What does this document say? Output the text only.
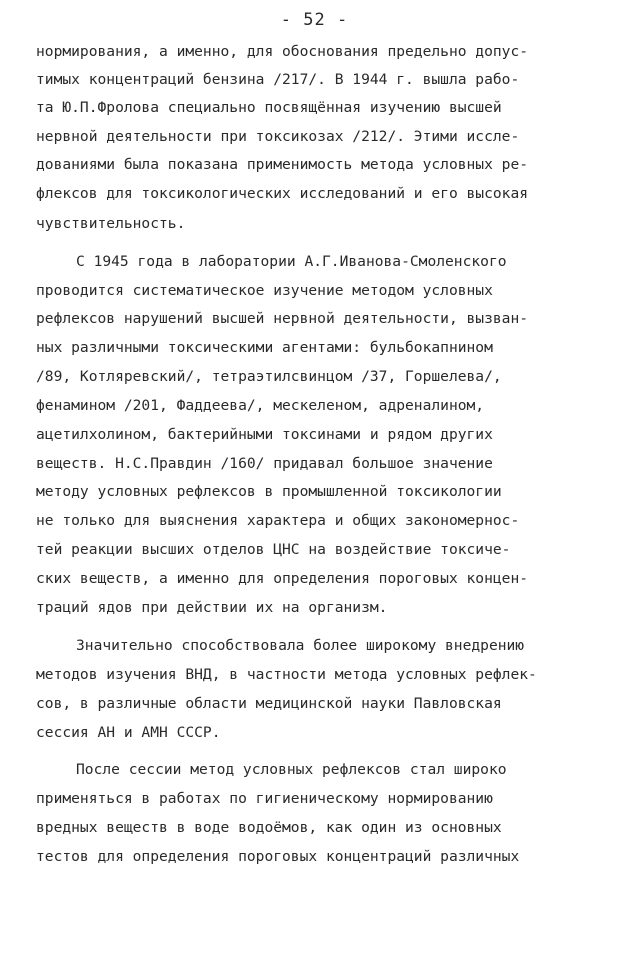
- 52 -
нормирования, а именно, для обоснования предельно допус-
тимых концентраций бензина /217/. В 1944 г. вышла рабо-
та Ю.П.Фролова специально посвящённая изучению высшей
нервной деятельности при токсикозах /212/. Этими иссле-
дованиями была показана применимость метода условных ре-
флексов для токсикологических исследований и его высокая
чувствительность.
С 1945 года в лаборатории А.Г.Иванова-Смоленского
проводится систематическое изучение методом условных
рефлексов нарушений высшей нервной деятельности, вызван-
ных различными токсическими агентами: бульбокапнином
/89, Котляревский/, тетраэтилсвинцом /37, Горшелева/,
фенамином /201, Фаддеева/, мескеленом, адреналином,
ацетилхолином, бактерийными токсинами и рядом других
веществ. Н.С.Правдин /160/ придавал большое значение
методу условных рефлексов в промышленной токсикологии
не только для выяснения характера и общих закономернос-
тей реакции высших отделов ЦНС на воздействие токсиче-
ских веществ, а именно для определения пороговых концен-
траций ядов при действии их на организм.
Значительно способствовала более широкому внедрению
методов изучения ВНД, в частности метода условных рефлек-
сов, в различные области медицинской науки Павловская
сессия АН и АМН СССР.
После сессии метод условных рефлексов стал широко
применяться в работах по гигиеническому нормированию
вредных веществ в воде водоёмов, как один из основных
тестов для определения пороговых концентраций различных
